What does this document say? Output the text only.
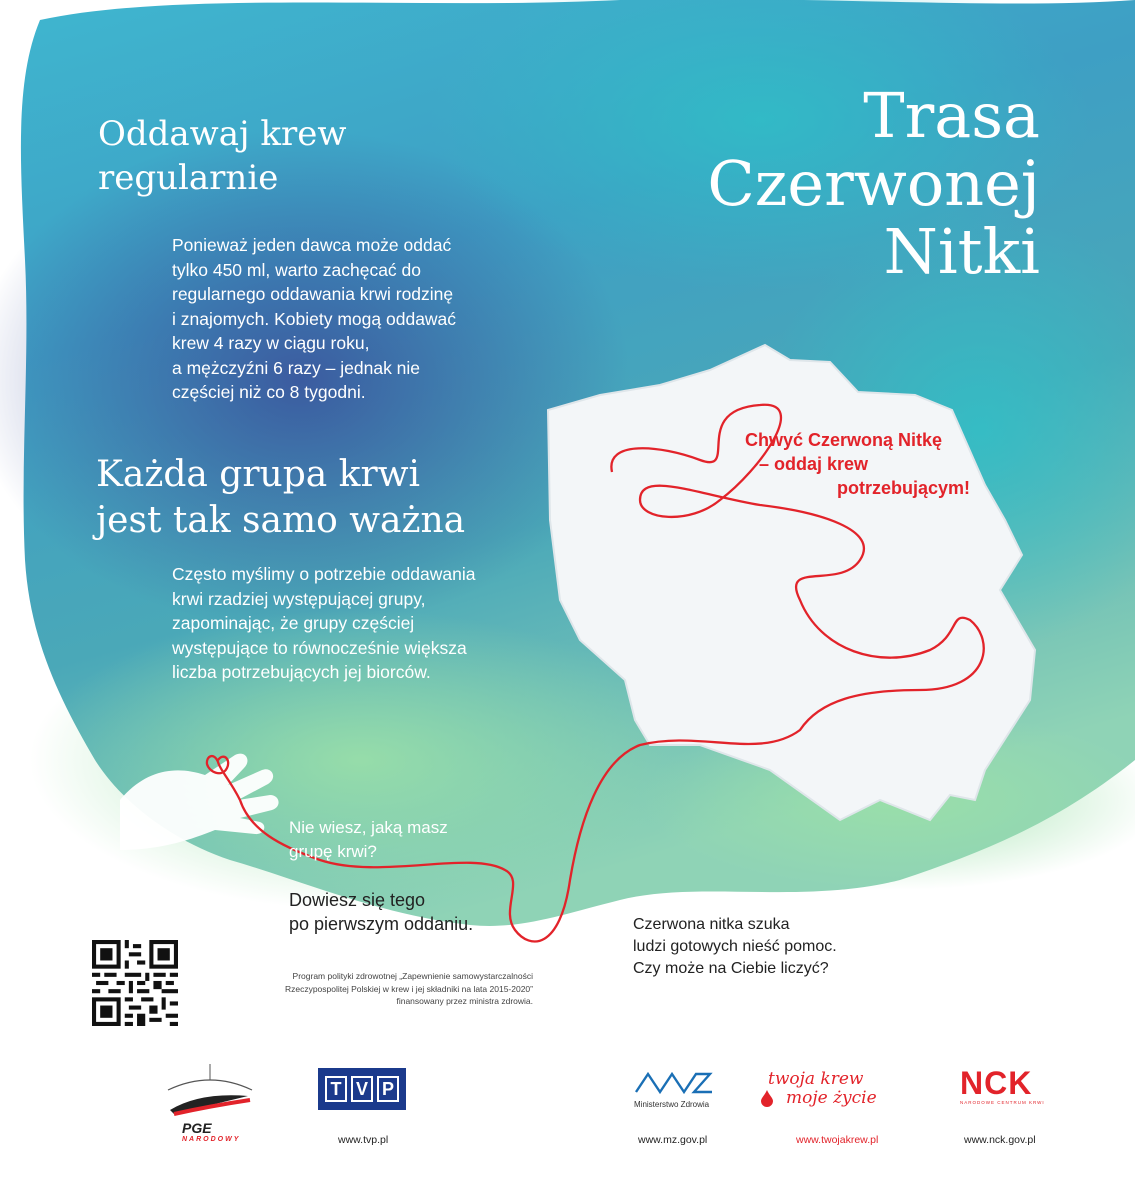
Trasa
Czerwonej
Nitki
Oddawaj krew
regularnie
Ponieważ jeden dawca może oddać
tylko 450 ml, warto zachęcać do
regularnego oddawania krwi rodzinę
i znajomych. Kobiety mogą oddawać
krew 4 razy w ciągu roku,
a mężczyźni 6 razy – jednak nie
częściej niż co 8 tygodni.
Każda grupa krwi
jest tak samo ważna
Często myślimy o potrzebie oddawania
krwi rzadziej występującej grupy,
zapominając, że grupy częściej
występujące to równocześnie większa
liczba potrzebujących jej biorców.
Chwyć Czerwoną Nitkę
– oddaj krew
potrzebującym!
Nie wiesz, jaką masz
grupę krwi?
Dowiesz się tego
po pierwszym oddaniu.	Czerwona nitka szuka
ludzi gotowych nieść pomoc.
Czy może na Ciebie liczyć?
Program polityki zdrowotnej „Zapewnienie samowystarczalności
Rzeczypospolitej Polskiej w krew i jej składniki na lata 2015-2020”
finansowany przez ministra zdrowia.
PGE
NARODOWY
T V P
www.tvp.pl
Ministerstwo Zdrowia
www.mz.gov.pl
twoja krew
moje życie
www.twojakrew.pl
NCK
NARODOWE CENTRUM KRWI
www.nck.gov.pl
